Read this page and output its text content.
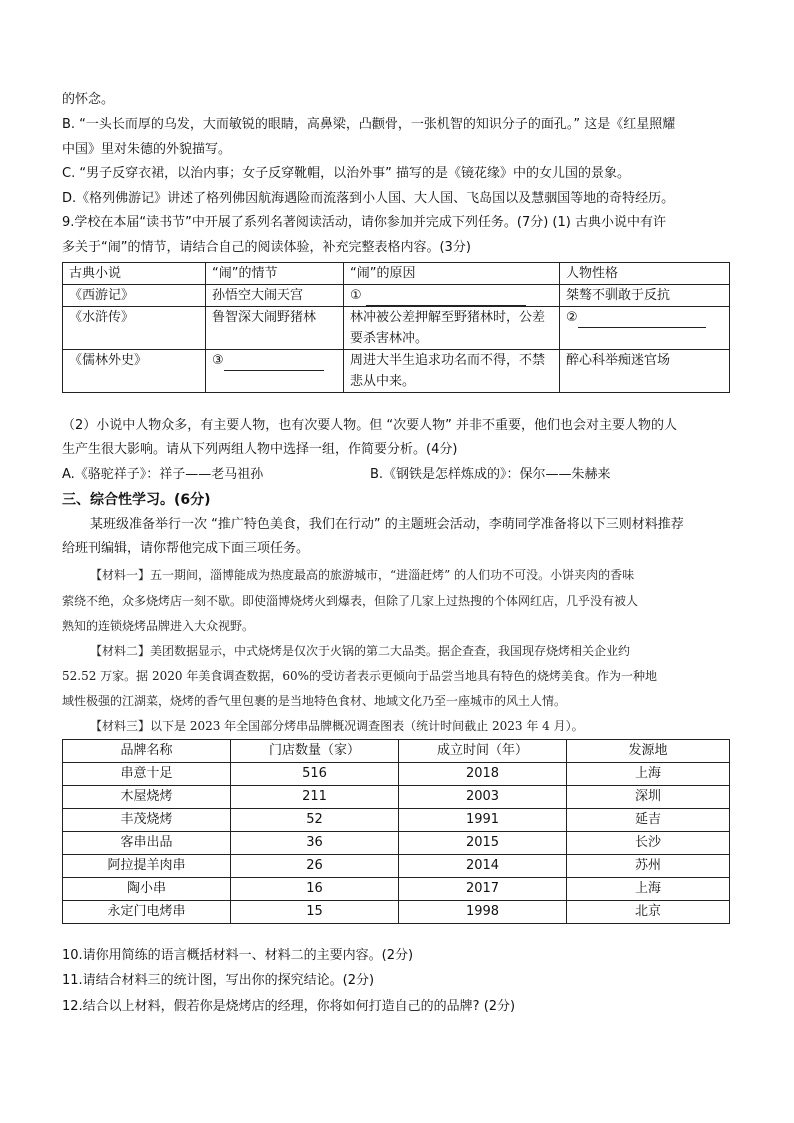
的怀念。
B. “一头长而厚的乌发，大而敏锐的眼睛，高鼻梁，凸颧骨，一张机智的知识分子的面孔。” 这是《红星照耀
中国》里对朱德的外貌描写。
C. “男子反穿衣裙，以治内事；女子反穿靴帽，以治外事” 描写的是《镜花缘》中的女儿国的景象。
D.《格列佛游记》讲述了格列佛因航海遇险而流落到小人国、大人国、飞岛国以及慧骃国等地的奇特经历。
9.学校在本届“读书节”中开展了系列名著阅读活动，请你参加并完成下列任务。(7分) (1) 古典小说中有许
多关于“闹”的情节，请结合自己的阅读体验，补充完整表格内容。(3分)
古典小说	“闹”的情节	“闹”的原因	人物性格
《西游记》	孙悟空大闹天宫	①	桀骜不驯敢于反抗
《水浒传》	鲁智深大闹野猪林	林冲被公差押解至野猪林时，公差要杀害林冲。	②
《儒林外史》	③	周进大半生追求功名而不得，不禁悲从中来。	醉心科举痴迷官场
（2）小说中人物众多，有主要人物，也有次要人物。但 “次要人物” 并非不重要，他们也会对主要人物的人
生产生很大影响。请从下列两组人物中选择一组，作简要分析。(4分)
A.《骆驼祥子》：祥子——老马祖孙	B.《钢铁是怎样炼成的》：保尔——朱赫来
三、综合性学习。(6分)
某班级准备举行一次 “推广特色美食，我们在行动” 的主题班会活动，李萌同学准备将以下三则材料推荐
给班刊编辑，请你帮他完成下面三项任务。
【材料一】五一期间，淄博能成为热度最高的旅游城市，“进淄赶烤” 的人们功不可没。小饼夹肉的香味
萦绕不绝，众多烧烤店一刻不歇。即使淄博烧烤火到爆表，但除了几家上过热搜的个体网红店，几乎没有被人
熟知的连锁烧烤品牌进入大众视野。
【材料二】美团数据显示，中式烧烤是仅次于火锅的第二大品类。据企查查，我国现存烧烤相关企业约
52.52 万家。据 2020 年美食调查数据，60%的受访者表示更倾向于品尝当地具有特色的烧烤美食。作为一种地
域性极强的江湖菜，烧烤的香气里包裹的是当地特色食材、地域文化乃至一座城市的风土人情。
【材料三】以下是 2023 年全国部分烤串品牌概况调查图表（统计时间截止 2023 年 4 月）。
品牌名称	门店数量（家）	成立时间（年）	发源地
串意十足	516	2018	上海
木屋烧烤	211	2003	深圳
丰茂烧烤	52	1991	延吉
客串出品	36	2015	长沙
阿拉提羊肉串	26	2014	苏州
陶小串	16	2017	上海
永定门电烤串	15	1998	北京
10.请你用简练的语言概括材料一、材料二的主要内容。(2分)
11.请结合材料三的统计图，写出你的探究结论。(2分)
12.结合以上材料，假若你是烧烤店的经理，你将如何打造自己的的品牌? (2分)
